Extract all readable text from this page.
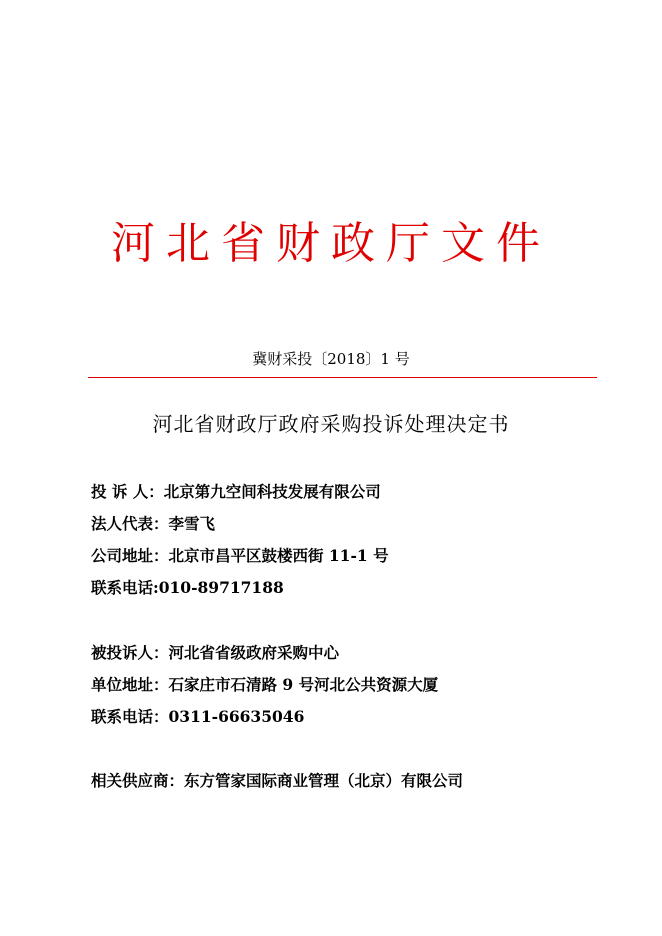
河北省财政厅文件
冀财采投〔2018〕1 号
河北省财政厅政府采购投诉处理决定书
投 诉 人：北京第九空间科技发展有限公司
法人代表：李雪飞
公司地址：北京市昌平区鼓楼西街 11-1 号
联系电话:010-89717188
被投诉人：河北省省级政府采购中心
单位地址：石家庄市石清路 9 号河北公共资源大厦
联系电话：0311-66635046
相关供应商：东方管家国际商业管理（北京）有限公司
